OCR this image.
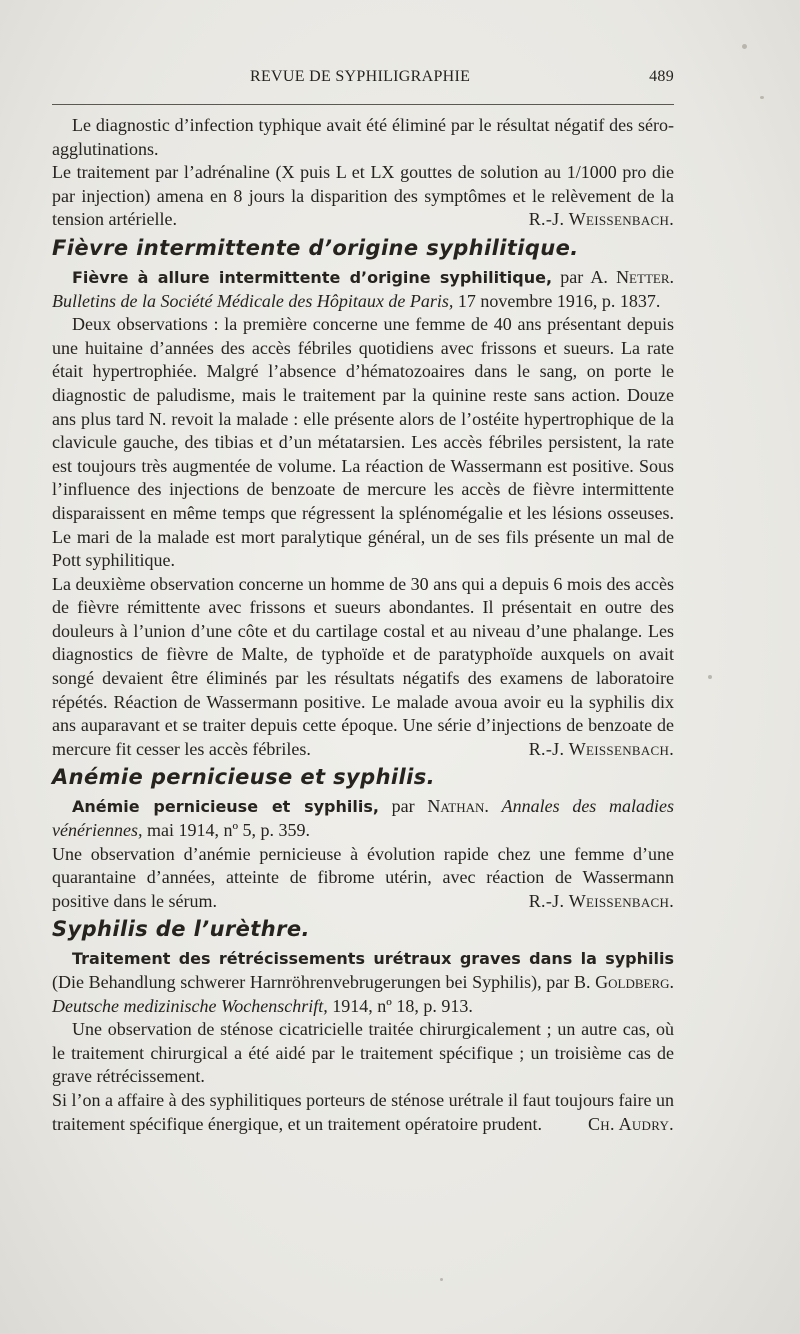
REVUE DE SYPHILIGRAPHIE	489

Le diagnostic d’infection typhique avait été éliminé par le résultat négatif des séro-agglutinations.

Le traitement par l’adrénaline (X puis L et LX gouttes de solution au 1/1000 pro die par injection) amena en 8 jours la disparition des symptômes et le relèvement de la tension artérielle.	R.-J. Weissenbach.
Fièvre intermittente d’origine syphilitique.

Fièvre à allure intermittente d’origine syphilitique, par A. Netter. Bulletins de la Société Médicale des Hôpitaux de Paris, 17 novembre 1916, p. 1837.

Deux observations : la première concerne une femme de 40 ans présentant depuis une huitaine d’années des accès fébriles quotidiens avec frissons et sueurs. La rate était hypertrophiée. Malgré l’absence d’hématozoaires dans le sang, on porte le diagnostic de paludisme, mais le traitement par la quinine reste sans action. Douze ans plus tard N. revoit la malade : elle présente alors de l’ostéite hypertrophique de la clavicule gauche, des tibias et d’un métatarsien. Les accès fébriles persistent, la rate est toujours très augmentée de volume. La réaction de Wassermann est positive. Sous l’influence des injections de benzoate de mercure les accès de fièvre intermittente disparaissent en même temps que régressent la splénomégalie et les lésions osseuses. Le mari de la malade est mort paralytique général, un de ses fils présente un mal de Pott syphilitique.

La deuxième observation concerne un homme de 30 ans qui a depuis 6 mois des accès de fièvre rémittente avec frissons et sueurs abondantes. Il présentait en outre des douleurs à l’union d’une côte et du cartilage costal et au niveau d’une phalange. Les diagnostics de fièvre de Malte, de typhoïde et de paratyphoïde auxquels on avait songé devaient être éliminés par les résultats négatifs des examens de laboratoire répétés. Réaction de Wassermann positive. Le malade avoua avoir eu la syphilis dix ans auparavant et se traiter depuis cette époque. Une série d’injections de benzoate de mercure fit cesser les accès fébriles.	R.-J. Weissenbach.
Anémie pernicieuse et syphilis.

Anémie pernicieuse et syphilis, par Nathan. Annales des maladies vénériennes, mai 1914, nº 5, p. 359.

Une observation d’anémie pernicieuse à évolution rapide chez une femme d’une quarantaine d’années, atteinte de fibrome utérin, avec réaction de Wassermann positive dans le sérum.	R.-J. Weissenbach.
Syphilis de l’urèthre.

Traitement des rétrécissements urétraux graves dans la syphilis (Die Behandlung schwerer Harnröhrenvebrugerungen bei Syphilis), par B. Goldberg. Deutsche medizinische Wochenschrift, 1914, nº 18, p. 913.

Une observation de sténose cicatricielle traitée chirurgicalement ; un autre cas, où le traitement chirurgical a été aidé par le traitement spécifique ; un troisième cas de grave rétrécissement.

Si l’on a affaire à des syphilitiques porteurs de sténose urétrale il faut toujours faire un traitement spécifique énergique, et un traitement opératoire prudent.	Ch. Audry.
